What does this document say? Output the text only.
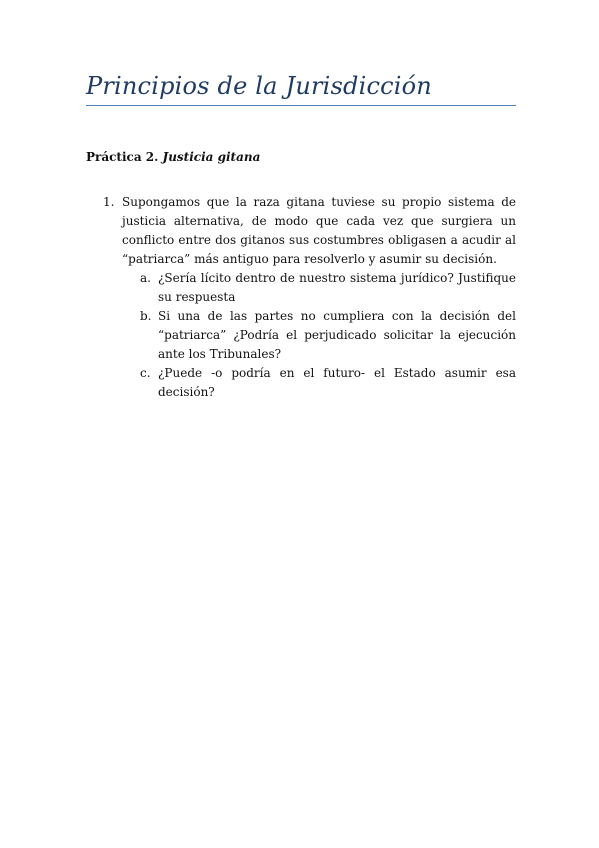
Principios de la Jurisdicción

Práctica 2. Justicia gitana

1. Supongamos que la raza gitana tuviese su propio sistema de justicia alternativa, de modo que cada vez que surgiera un conflicto entre dos gitanos sus costumbres obligasen a acudir al “patriarca” más antiguo para resolverlo y asumir su decisión.
a. ¿Sería lícito dentro de nuestro sistema jurídico? Justifique su respuesta
b. Si una de las partes no cumpliera con la decisión del “patriarca” ¿Podría el perjudicado solicitar la ejecución ante los Tribunales?
c. ¿Puede -o podría en el futuro- el Estado asumir esa decisión?
